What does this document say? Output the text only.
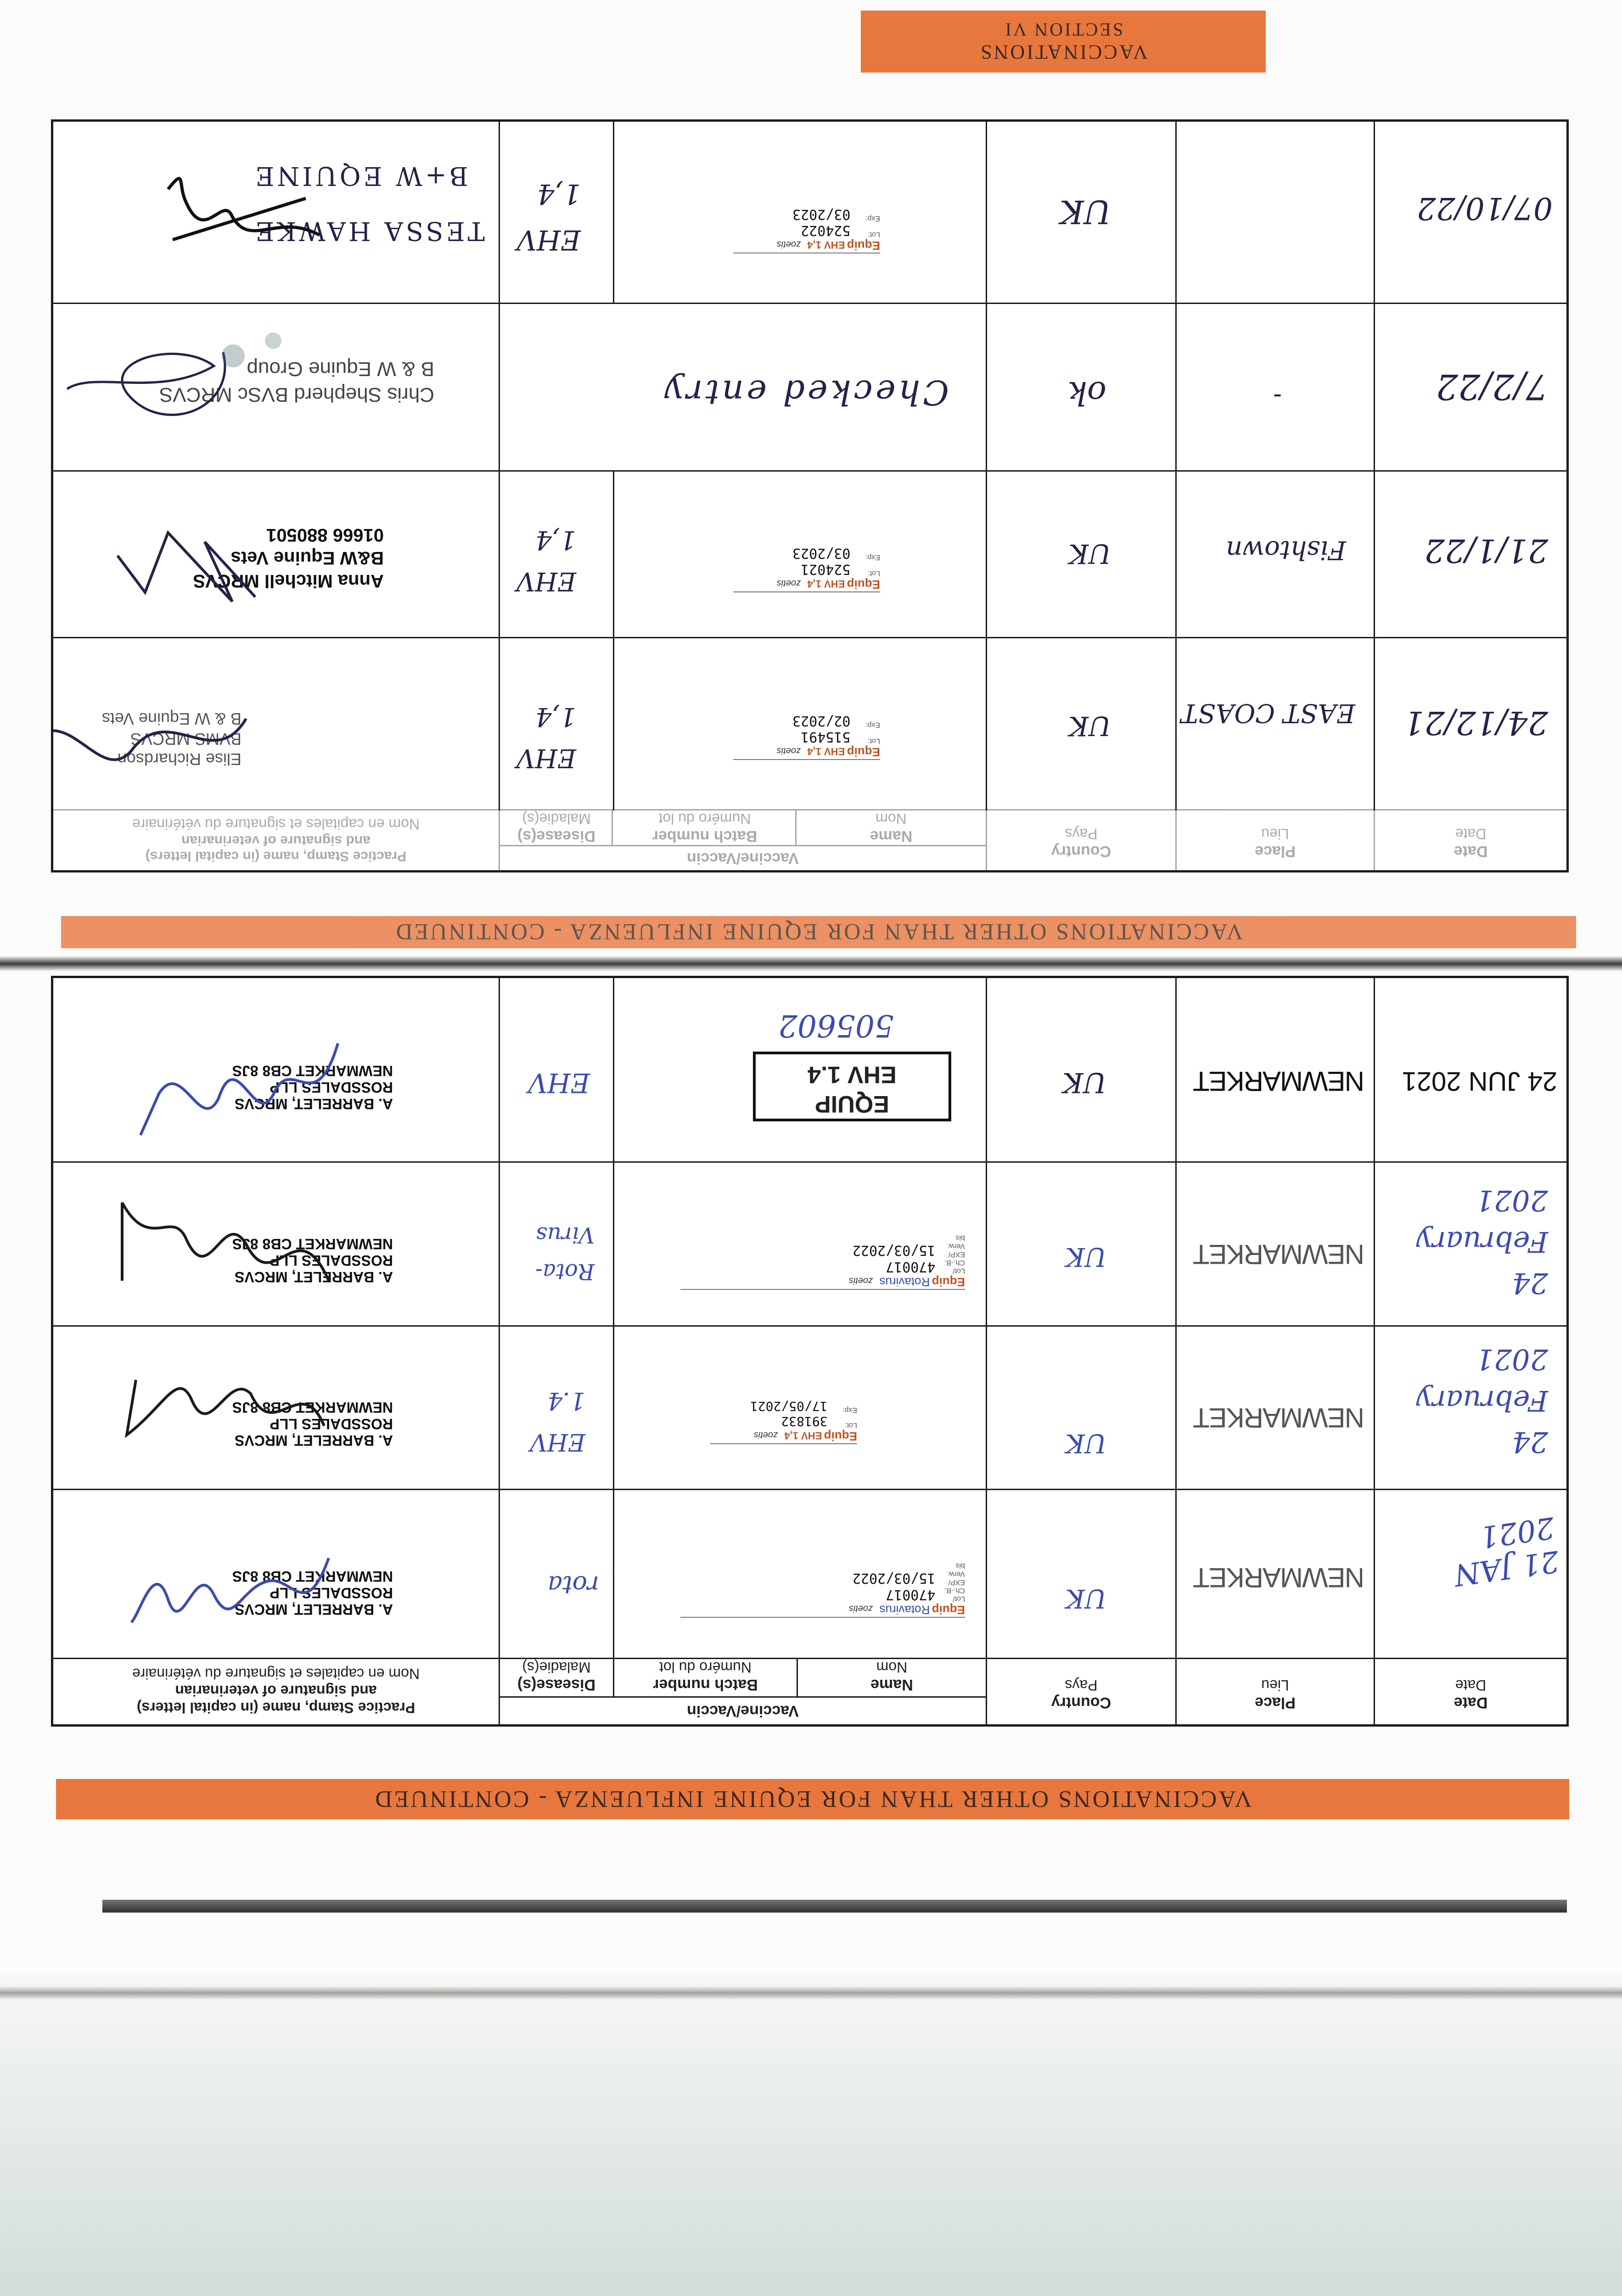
VACCINATIONS
SECTION VI
VACCINATIONS OTHER THAN FOR EQUINE INFLUENZA - CONTINUED
Date
Date
Place
Lieu
Country
Pays
Vaccine/Vaccin
Name
Nom
Batch number
Numéro du lot
Disease(s)
Maladie(s)
Practice Stamp, name (in capital letters)
and signature of veterinarian
Nom en capitales et signature du vétérinaire
21 JAN 2021
NEWMARKET
UK
Equip Rotavirus zoetis
Lot/ Ch.-B. 470017
EXP/ Verw. bis 15/03/2022
rota
A. BARRELET, MRCVS
ROSSDALES LLP
NEWMARKET CB8 8JS
24 February 2021
NEWMARKET
UK
Equip EHV 1,4 zoetis
Lot: 391832
Exp: 17/05/2021
EHV 1.4
A. BARRELET, MRCVS
ROSSDALES LLP
NEWMARKET CB8 8JS
24 February 2021
NEWMARKET
UK
Equip Rotavirus zoetis
Lot/ Ch.-B. 470017
EXP/ Verw. bis 15/03/2022
Rota-Virus
A. BARRELET, MRCVS
ROSSDALES LLP
NEWMARKET CB8 8JS
24 JUN 2021
NEWMARKET
UK
EQUIP
EHV 1.4
505602
EHV
A. BARRELET, MRCVS
ROSSDALES LLP
NEWMARKET CB8 8JS
VACCINATIONS OTHER THAN FOR EQUINE INFLUENZA - CONTINUED
Date
Date
Place
Lieu
Country
Pays
Vaccine/Vaccin
Name
Nom
Batch number
Numéro du lot
Disease(s)
Maladie(s)
Practice Stamp, name (in capital letters)
and signature of veterinarian
Nom en capitales et signature du vétérinaire
24/12/21
EAST COAST
UK
Equip EHV 1,4 zoetis
Lot: 515491
Exp: 02/2023
EHV
1,4
Elise Richardson
BVMS MRCVS
B & W Equine Vets
21/1/22
Fishtown
UK
Equip EHV 1,4 zoetis
Lot: 524021
Exp: 03/2023
EHV
1,4
Anna Mitchell MRCVS
B&W Equine Vets
01666 880501
7/2/22
-
ok
Checked entry
Chris Shepherd BVSc MRCVS
B & W Equine Group
07/10/22
UK
Equip EHV 1,4 zoetis
Lot: 524022
Exp: 03/2023
EHV
1,4
TESSA HAWKE
B+W EQUINE
